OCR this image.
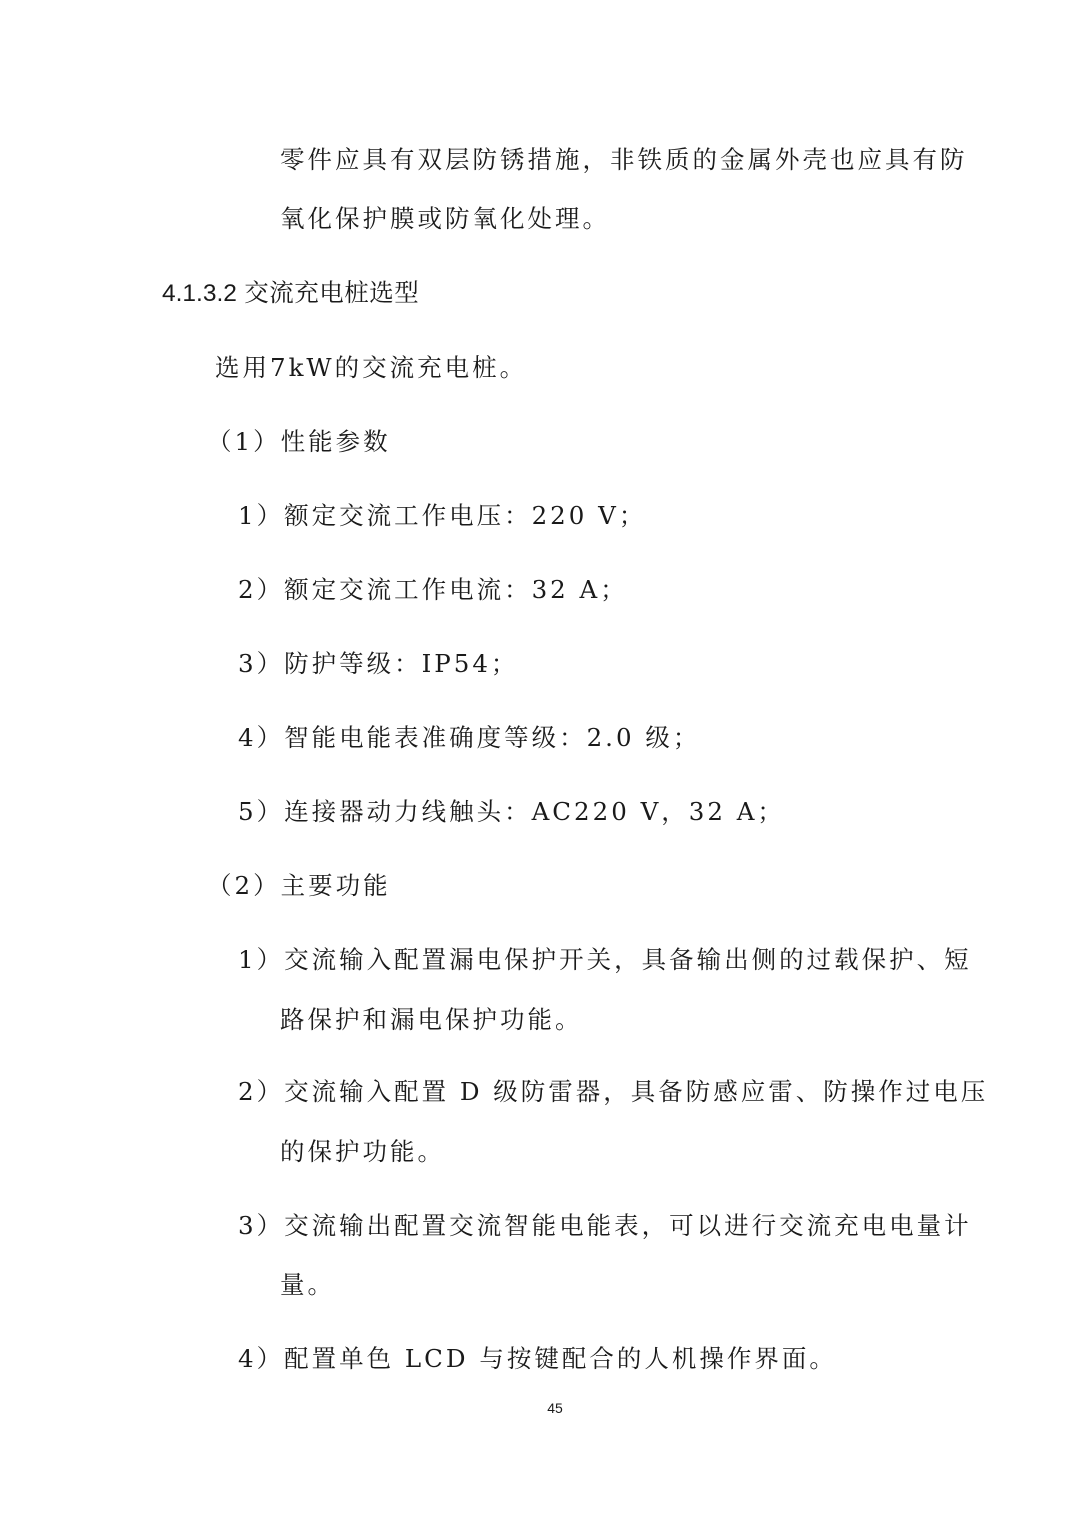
零件应具有双层防锈措施，非铁质的金属外壳也应具有防
氧化保护膜或防氧化处理。
4.1.3.2 交流充电桩选型
选用7kW的交流充电桩。
（1）性能参数
1）额定交流工作电压：220 V；
2）额定交流工作电流：32 A；
3）防护等级：IP54；
4）智能电能表准确度等级：2.0 级；
5）连接器动力线触头：AC220 V，32 A；
（2）主要功能
1）交流输入配置漏电保护开关，具备输出侧的过载保护、短
路保护和漏电保护功能。
2）交流输入配置 D 级防雷器，具备防感应雷、防操作过电压
的保护功能。
3）交流输出配置交流智能电能表，可以进行交流充电电量计
量。
4）配置单色 LCD 与按键配合的人机操作界面。
45
